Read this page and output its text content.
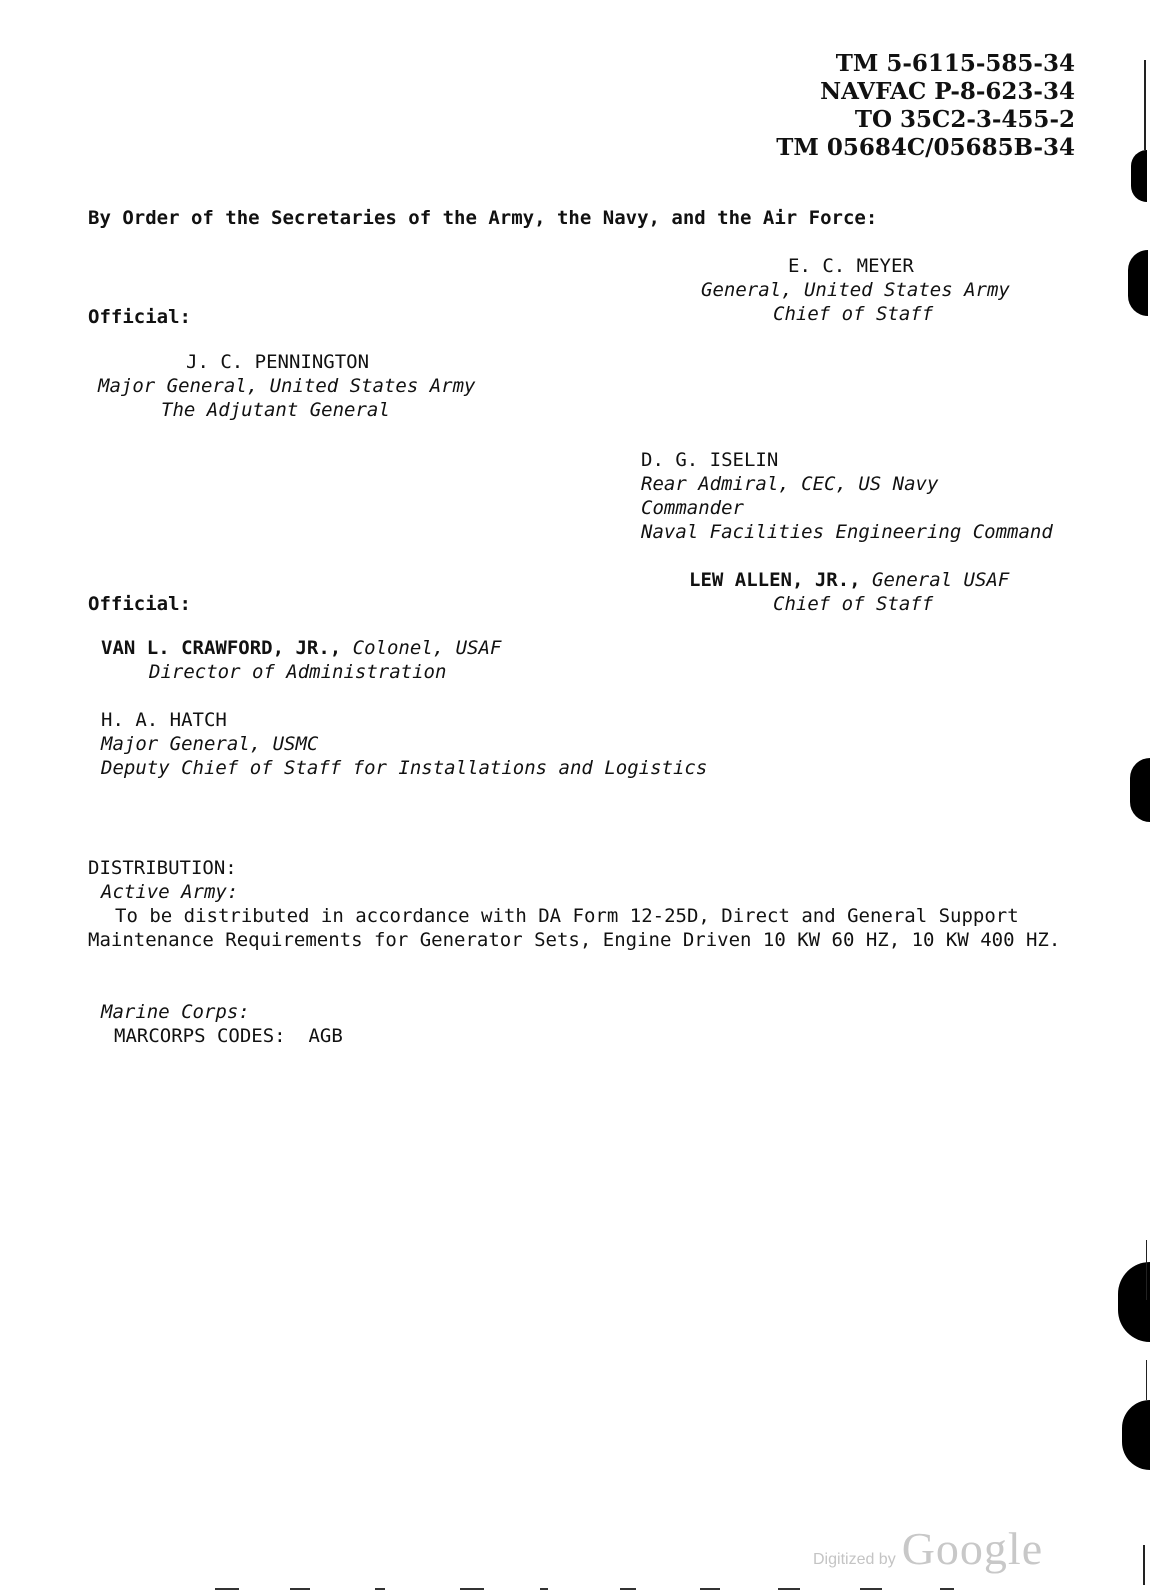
TM 5-6115-585-34
NAVFAC P-8-623-34
TO 35C2-3-455-2
TM 05684C/05685B-34
By Order of the Secretaries of the Army, the Navy, and the Air Force:
E. C. MEYER
General, United States Army
Chief of Staff
Official:
J. C. PENNINGTON
Major General, United States Army
The Adjutant General
D. G. ISELIN
Rear Admiral, CEC, US Navy
Commander
Naval Facilities Engineering Command
LEW ALLEN, JR., General USAF
Chief of Staff
Official:
VAN L. CRAWFORD, JR., Colonel, USAF
Director of Administration
H. A. HATCH
Major General, USMC
Deputy Chief of Staff for Installations and Logistics
DISTRIBUTION:
Active Army:
To be distributed in accordance with DA Form 12-25D, Direct and General Support Maintenance Requirements for Generator Sets, Engine Driven 10 KW 60 HZ, 10 KW 400 HZ.
Marine Corps:
MARCORPS CODES: AGB
Digitized by Google
